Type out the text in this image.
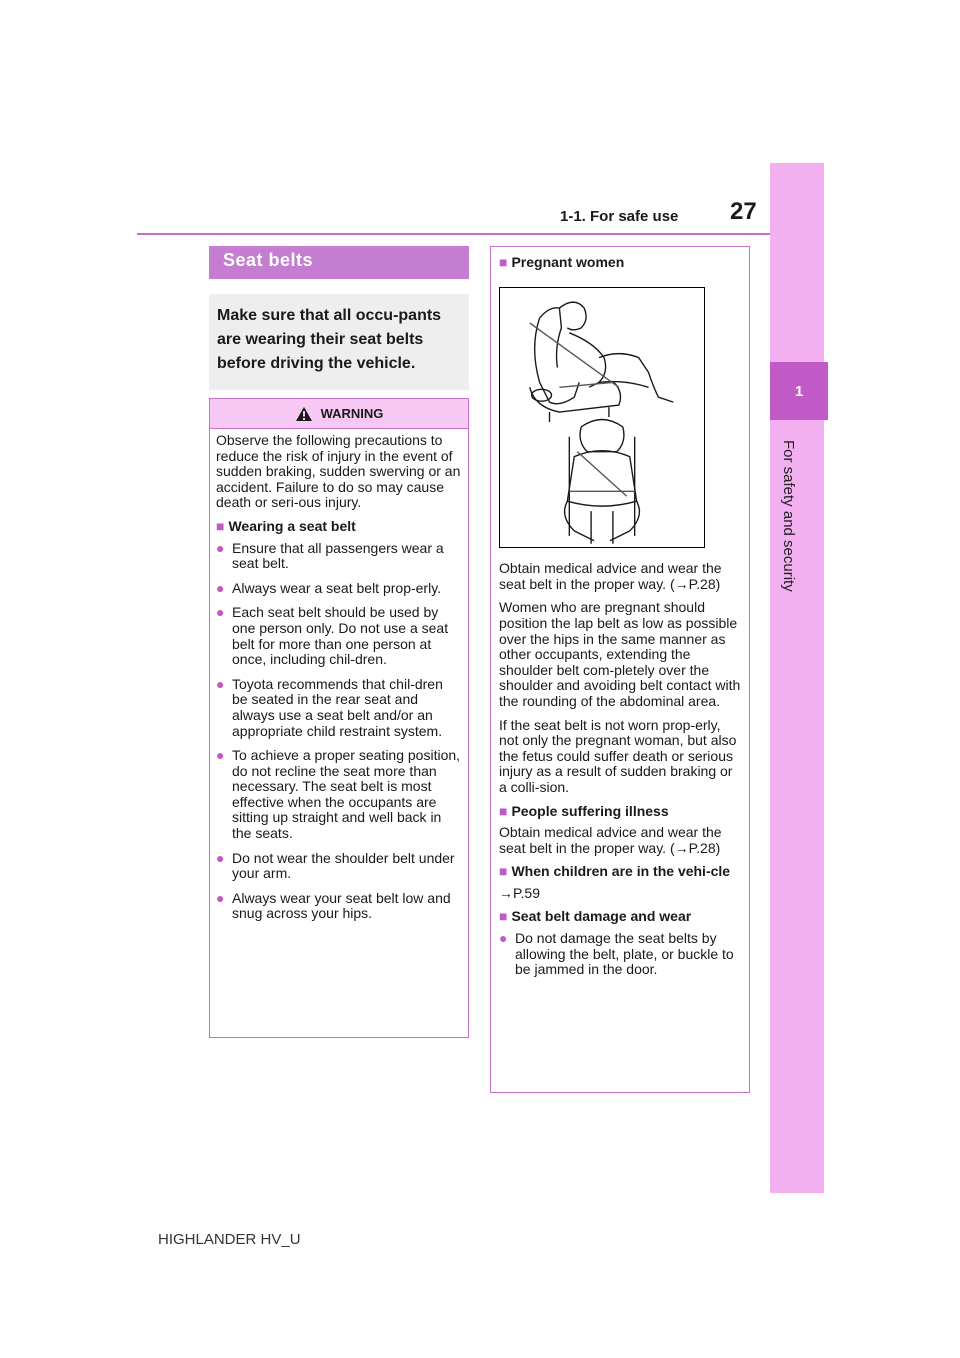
1-1. For safe use 27
1
For safety and security
Seat belts
Make sure that all occu-pants are wearing their seat belts before driving the vehicle.
WARNING

Observe the following precautions to reduce the risk of injury in the event of sudden braking, sudden swerving or an accident. Failure to do so may cause death or seri-ous injury.

■ Wearing a seat belt
● Ensure that all passengers wear a seat belt.
● Always wear a seat belt prop-erly.
● Each seat belt should be used by one person only. Do not use a seat belt for more than one person at once, including chil-dren.
● Toyota recommends that chil-dren be seated in the rear seat and always use a seat belt and/or an appropriate child restraint system.
● To achieve a proper seating position, do not recline the seat more than necessary. The seat belt is most effective when the occupants are sitting up straight and well back in the seats.
● Do not wear the shoulder belt under your arm.
● Always wear your seat belt low and snug across your hips.
■ Pregnant women

Obtain medical advice and wear the seat belt in the proper way. (→P.28)

Women who are pregnant should position the lap belt as low as possible over the hips in the same manner as other occupants, extending the shoulder belt com-pletely over the shoulder and avoiding belt contact with the rounding of the abdominal area.

If the seat belt is not worn prop-erly, not only the pregnant woman, but also the fetus could suffer death or serious injury as a result of sudden braking or a colli-sion.

■ People suffering illness

Obtain medical advice and wear the seat belt in the proper way. (→P.28)

■ When children are in the vehi-cle

→P.59

■ Seat belt damage and wear
● Do not damage the seat belts by allowing the belt, plate, or buckle to be jammed in the door.
HIGHLANDER HV_U
